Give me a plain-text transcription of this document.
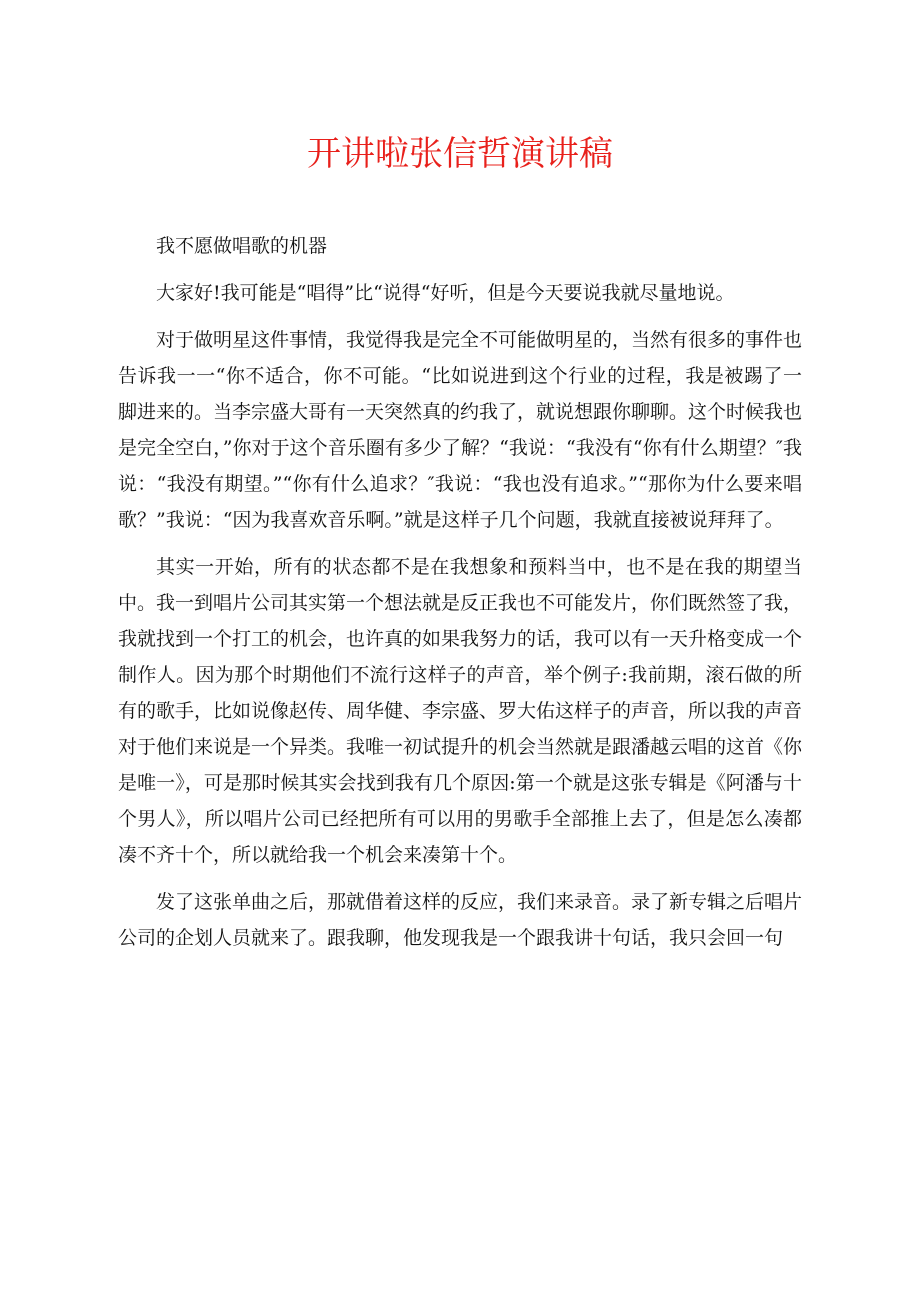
开讲啦张信哲演讲稿

我不愿做唱歌的机器

大家好!我可能是“唱得”比“说得“好听，但是今天要说我就尽量地说。

对于做明星这件事情，我觉得我是完全不可能做明星的，当然有很多的事件也告诉我一一“你不适合，你不可能。“比如说进到这个行业的过程，我是被踢了一脚进来的。当李宗盛大哥有一天突然真的约我了，就说想跟你聊聊。这个时候我也是完全空白，”你对于这个音乐圈有多少了解？“我说：“我没有“你有什么期望？″我说：“我没有期望。”“你有什么追求？″我说：“我也没有追求。”“那你为什么要来唱歌？”我说：“因为我喜欢音乐啊。”就是这样子几个问题，我就直接被说拜拜了。

其实一开始，所有的状态都不是在我想象和预料当中，也不是在我的期望当中。我一到唱片公司其实第一个想法就是反正我也不可能发片，你们既然签了我，我就找到一个打工的机会，也许真的如果我努力的话，我可以有一天升格变成一个制作人。因为那个时期他们不流行这样子的声音，举个例子:我前期，滚石做的所有的歌手，比如说像赵传、周华健、李宗盛、罗大佑这样子的声音，所以我的声音对于他们来说是一个异类。我唯一初试提升的机会当然就是跟潘越云唱的这首《你是唯一》，可是那时候其实会找到我有几个原因:第一个就是这张专辑是《阿潘与十个男人》，所以唱片公司已经把所有可以用的男歌手全部推上去了，但是怎么凑都凑不齐十个，所以就给我一个机会来凑第十个。

发了这张单曲之后，那就借着这样的反应，我们来录音。录了新专辑之后唱片公司的企划人员就来了。跟我聊，他发现我是一个跟我讲十句话，我只会回一句
